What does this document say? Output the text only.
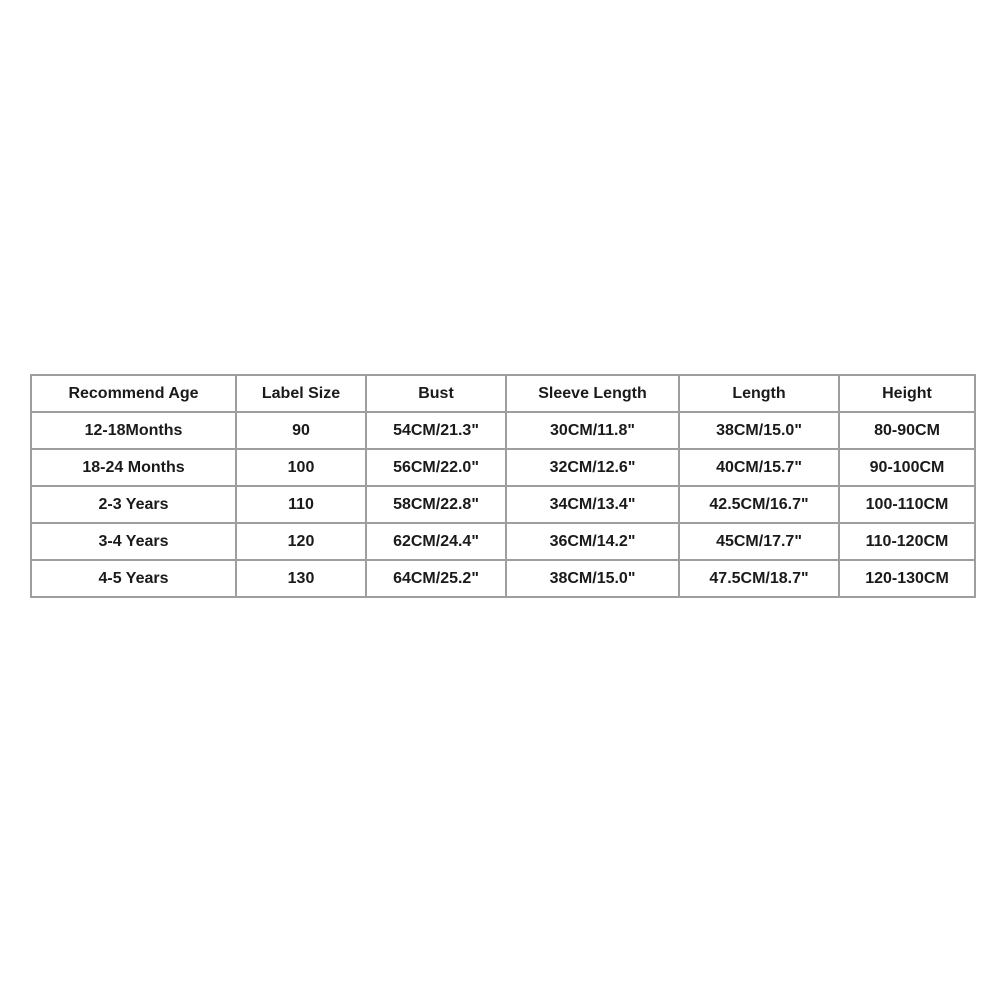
Recommend Age	Label Size	Bust	Sleeve Length	Length	Height
12-18Months	90	54CM/21.3"	30CM/11.8"	38CM/15.0"	80-90CM
18-24 Months	100	56CM/22.0"	32CM/12.6"	40CM/15.7"	90-100CM
2-3 Years	110	58CM/22.8"	34CM/13.4"	42.5CM/16.7"	100-110CM
3-4 Years	120	62CM/24.4"	36CM/14.2"	45CM/17.7"	110-120CM
4-5 Years	130	64CM/25.2"	38CM/15.0"	47.5CM/18.7"	120-130CM
